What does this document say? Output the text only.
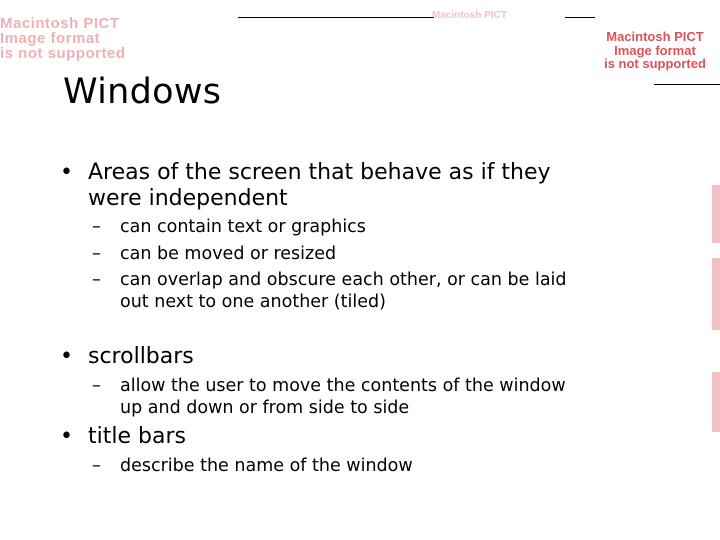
Macintosh PICT
Image format
is not supported
Macintosh PICT
Macintosh PICT
Image format
is not supported
Windows
• Areas of the screen that behave as if they
were independent
– can contain text or graphics
– can be moved or resized
– can overlap and obscure each other, or can be laid
out next to one another (tiled)
• scrollbars
– allow the user to move the contents of the window
up and down or from side to side
• title bars
– describe the name of the window
